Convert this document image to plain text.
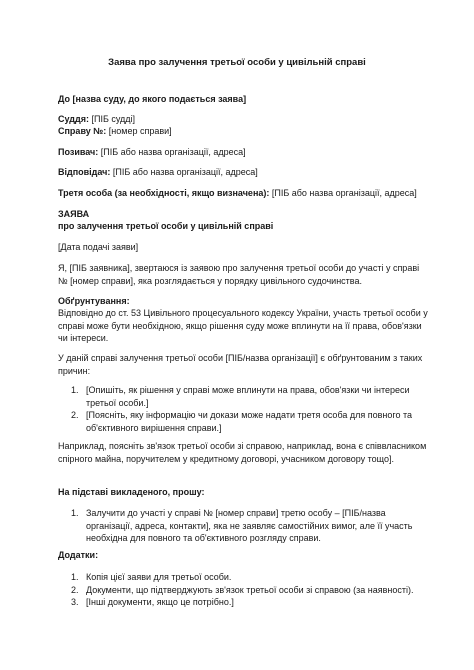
Заява про залучення третьої особи у цивільній справі

До [назва суду, до якого подається заява]

Суддя: [ПІБ судді]

Справу №: [номер справи]

Позивач: [ПІБ або назва організації, адреса]

Відповідач: [ПІБ або назва організації, адреса]

Третя особа (за необхідності, якщо визначена): [ПІБ або назва організації, адреса]

ЗАЯВА

про залучення третьої особи у цивільній справі

[Дата подачі заяви]

Я, [ПІБ заявника], звертаюся із заявою про залучення третьої особи до участі у справі № [номер справи], яка розглядається у порядку цивільного судочинства.

Обґрунтування:

Відповідно до ст. 53 Цивільного процесуального кодексу України, участь третьої особи у справі може бути необхідною, якщо рішення суду може вплинути на її права, обов'язки чи інтереси.

У даній справі залучення третьої особи [ПІБ/назва організації] є обґрунтованим з таких причин:

1. [Опишіть, як рішення у справі може вплинути на права, обов'язки чи інтереси третьої особи.]
2. [Поясніть, яку інформацію чи докази може надати третя особа для повного та об'єктивного вирішення справи.]

Наприклад, поясніть зв'язок третьої особи зі справою, наприклад, вона є співвласником спірного майна, поручителем у кредитному договорі, учасником договору тощо].

На підставі викладеного, прошу:

1. Залучити до участі у справі № [номер справи] третю особу – [ПІБ/назва організації, адреса, контакти], яка не заявляє самостійних вимог, але її участь необхідна для повного та об'єктивного розгляду справи.

Додатки:

1. Копія цієї заяви для третьої особи.
2. Документи, що підтверджують зв'язок третьої особи зі справою (за наявності).
3. [Інші документи, якщо це потрібно.]
